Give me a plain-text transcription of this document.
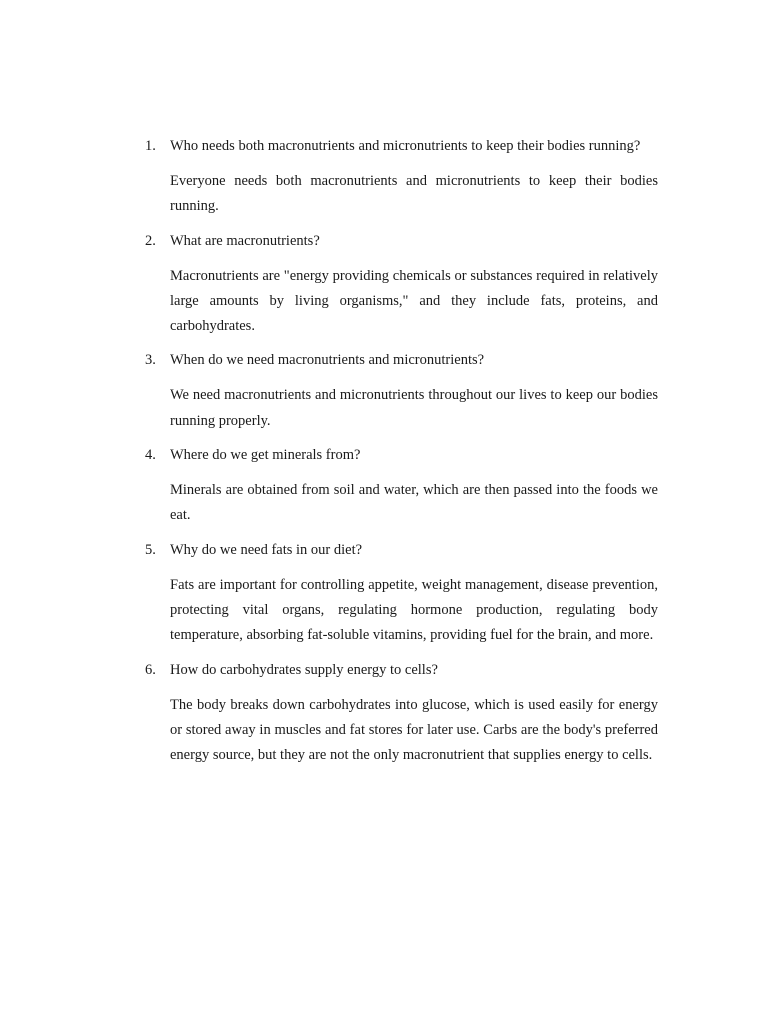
1. Who needs both macronutrients and micronutrients to keep their bodies running?

Everyone needs both macronutrients and micronutrients to keep their bodies running.

2. What are macronutrients?

Macronutrients are "energy providing chemicals or substances required in relatively large amounts by living organisms," and they include fats, proteins, and carbohydrates.

3. When do we need macronutrients and micronutrients?

We need macronutrients and micronutrients throughout our lives to keep our bodies running properly.

4. Where do we get minerals from?

Minerals are obtained from soil and water, which are then passed into the foods we eat.

5. Why do we need fats in our diet?

Fats are important for controlling appetite, weight management, disease prevention, protecting vital organs, regulating hormone production, regulating body temperature, absorbing fat-soluble vitamins, providing fuel for the brain, and more.

6. How do carbohydrates supply energy to cells?

The body breaks down carbohydrates into glucose, which is used easily for energy or stored away in muscles and fat stores for later use. Carbs are the body's preferred energy source, but they are not the only macronutrient that supplies energy to cells.
